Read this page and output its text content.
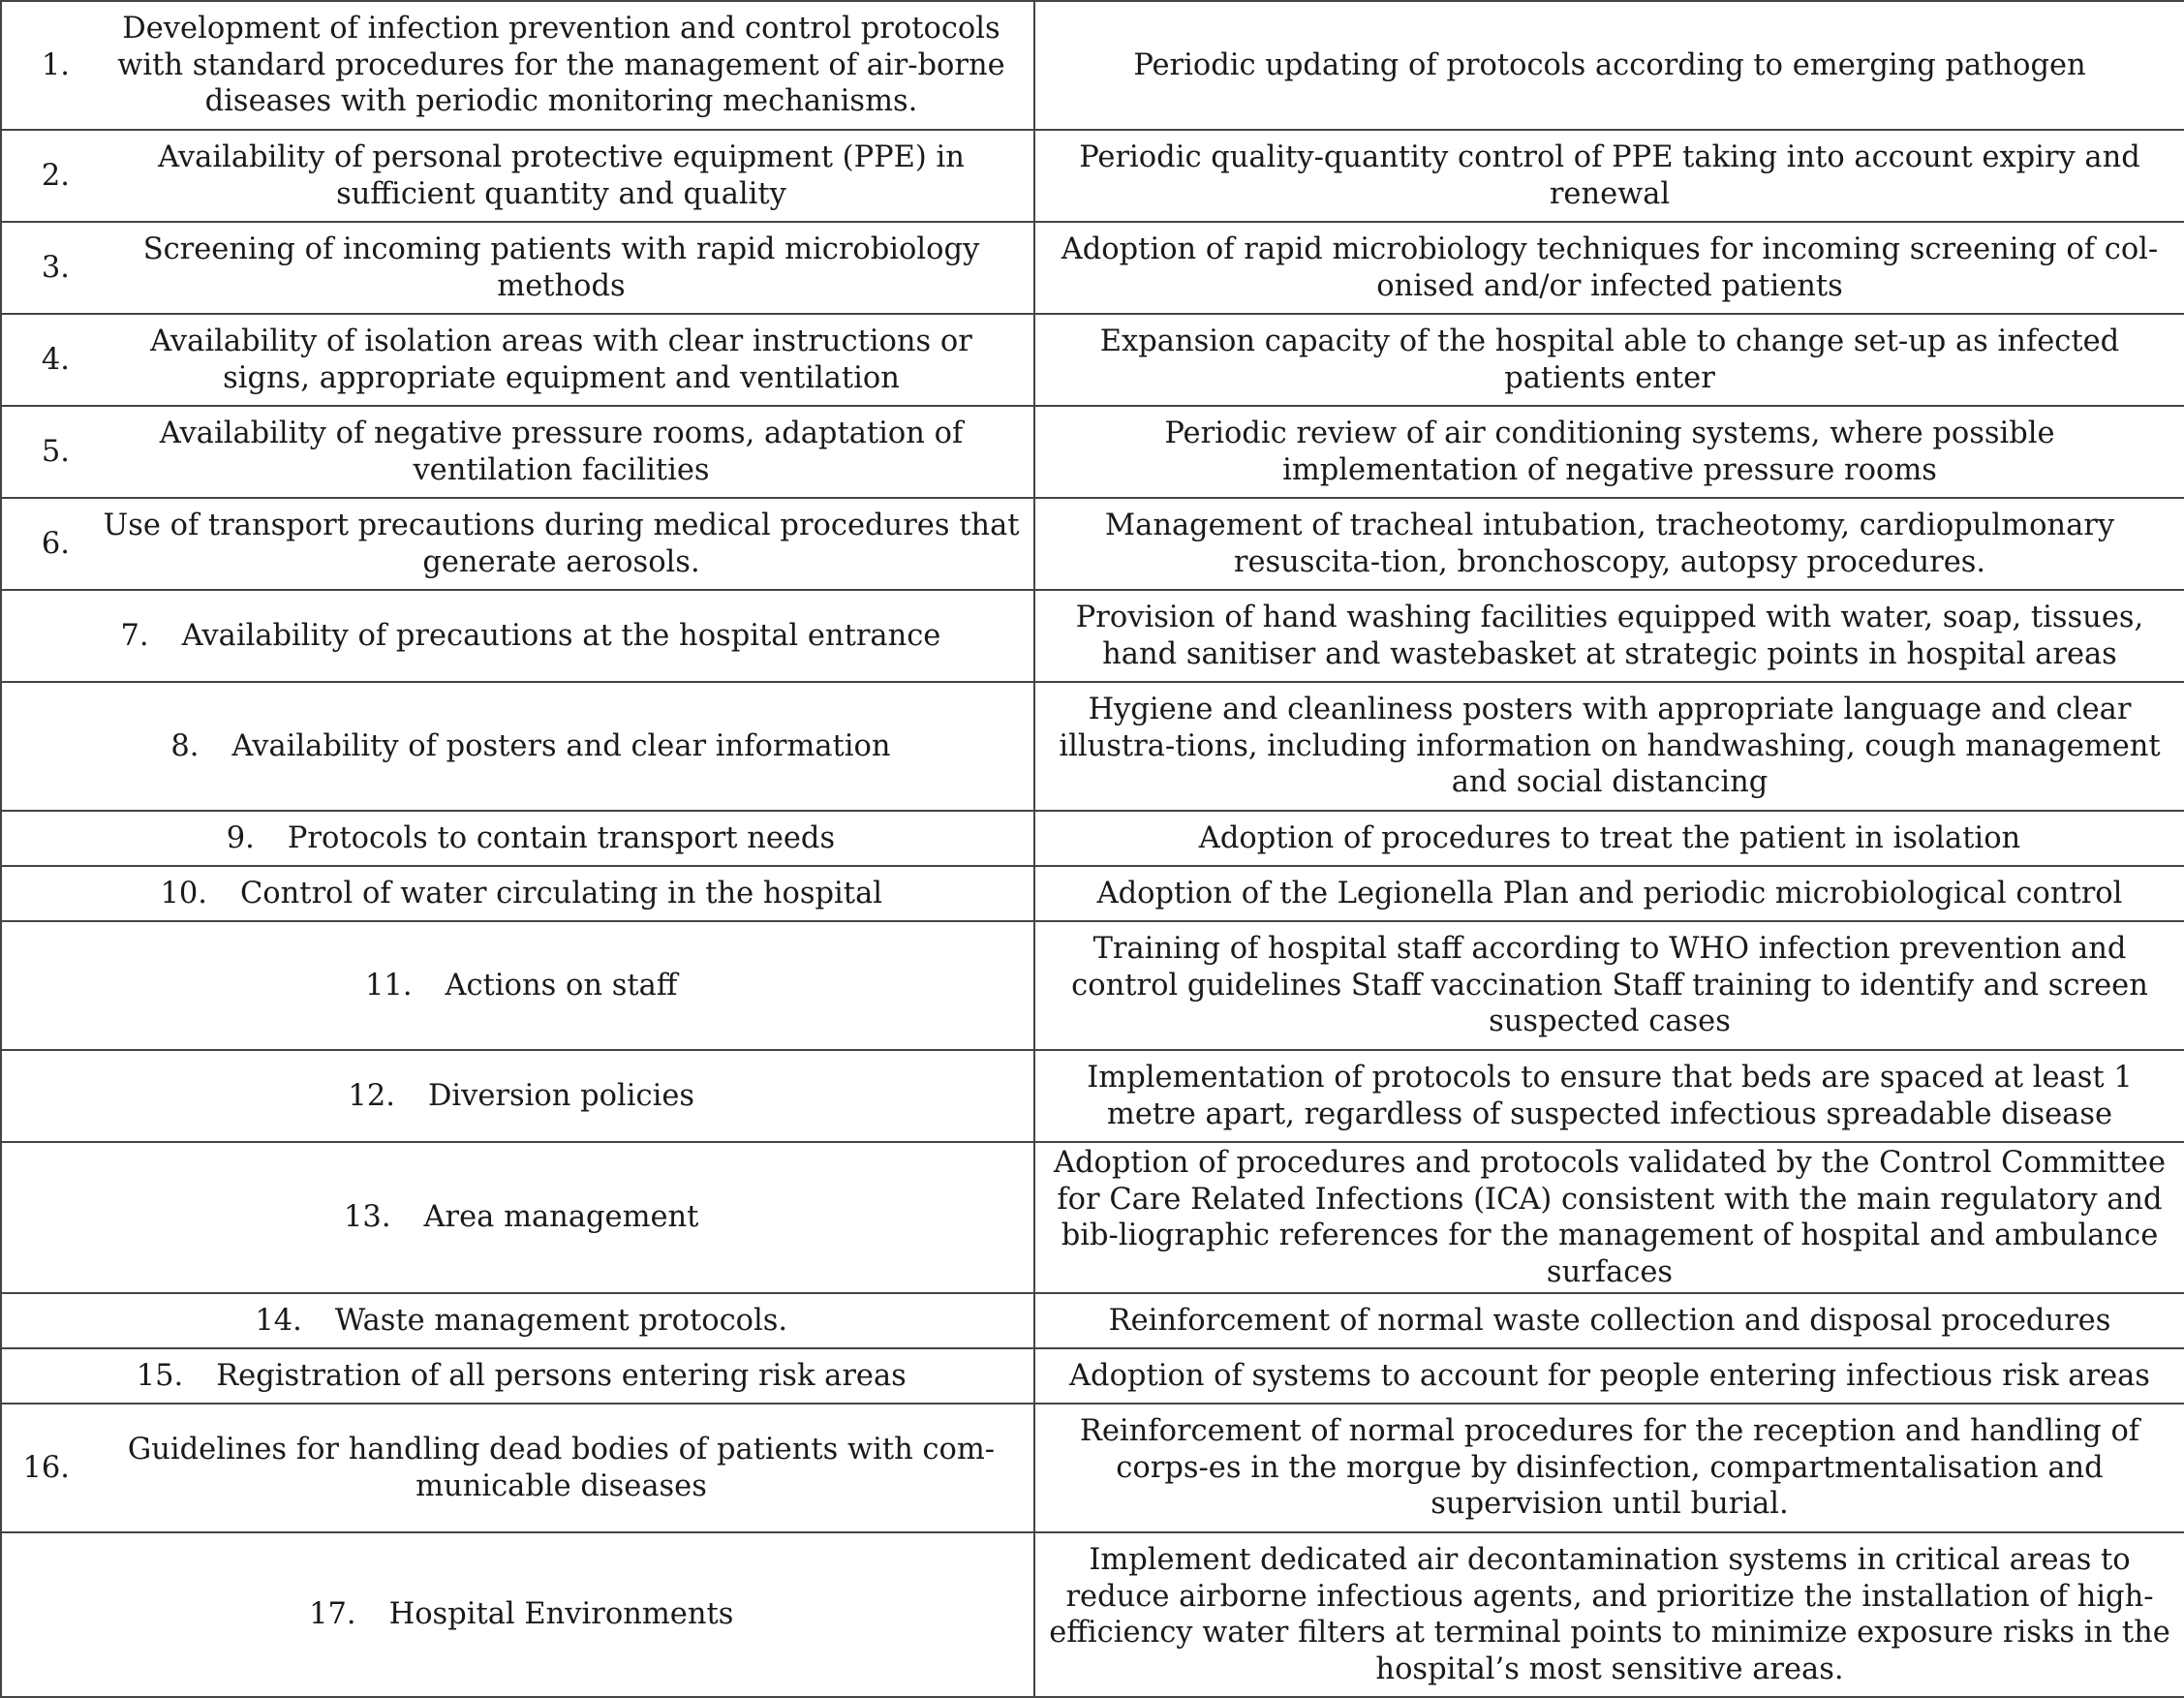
1.
Development of infection prevention and control protocols with standard procedures for the management of air-borne diseases with periodic monitoring mechanisms.	Periodic updating of protocols according to emerging pathogen

2.
Availability of personal protective equipment (PPE) in sufficient quantity and quality	Periodic quality-quantity control of PPE taking into account expiry and renewal

3.
Screening of incoming patients with rapid microbiology methods	Adoption of rapid microbiology techniques for incoming screening of col-onised and/or infected patients

4.
Availability of isolation areas with clear instructions or signs, appropriate equipment and ventilation	Expansion capacity of the hospital able to change set-up as infected patients enter

5.
Availability of negative pressure rooms, adaptation of ventilation facilities	Periodic review of air conditioning systems, where possible implementation of negative pressure rooms

6.
Use of transport precautions during medical procedures that generate aerosols.	Management of tracheal intubation, tracheotomy, cardiopulmonary resuscita-tion, bronchoscopy, autopsy procedures.

7. Availability of precautions at the hospital entrance	Provision of hand washing facilities equipped with water, soap, tissues, hand sanitiser and wastebasket at strategic points in hospital areas

8. Availability of posters and clear information	Hygiene and cleanliness posters with appropriate language and clear illustra-tions, including information on handwashing, cough management and social distancing

9. Protocols to contain transport needs	Adoption of procedures to treat the patient in isolation

10. Control of water circulating in the hospital	Adoption of the Legionella Plan and periodic microbiological control

11. Actions on staff	Training of hospital staff according to WHO infection prevention and control guidelines Staff vaccination Staff training to identify and screen suspected cases

12. Diversion policies	Implementation of protocols to ensure that beds are spaced at least 1 metre apart, regardless of suspected infectious spreadable disease

13. Area management	Adoption of procedures and protocols validated by the Control Committee for Care Related Infections (ICA) consistent with the main regulatory and bib-liographic references for the management of hospital and ambulance surfaces

14. Waste management protocols.	Reinforcement of normal waste collection and disposal procedures

15. Registration of all persons entering risk areas	Adoption of systems to account for people entering infectious risk areas

16.
Guidelines for handling dead bodies of patients with com-municable diseases	Reinforcement of normal procedures for the reception and handling of corps-es in the morgue by disinfection, compartmentalisation and supervision until burial.

17. Hospital Environments	Implement dedicated air decontamination systems in critical areas to reduce airborne infectious agents, and prioritize the installation of high-efficiency water filters at terminal points to minimize exposure risks in the hospital’s most sensitive areas.
